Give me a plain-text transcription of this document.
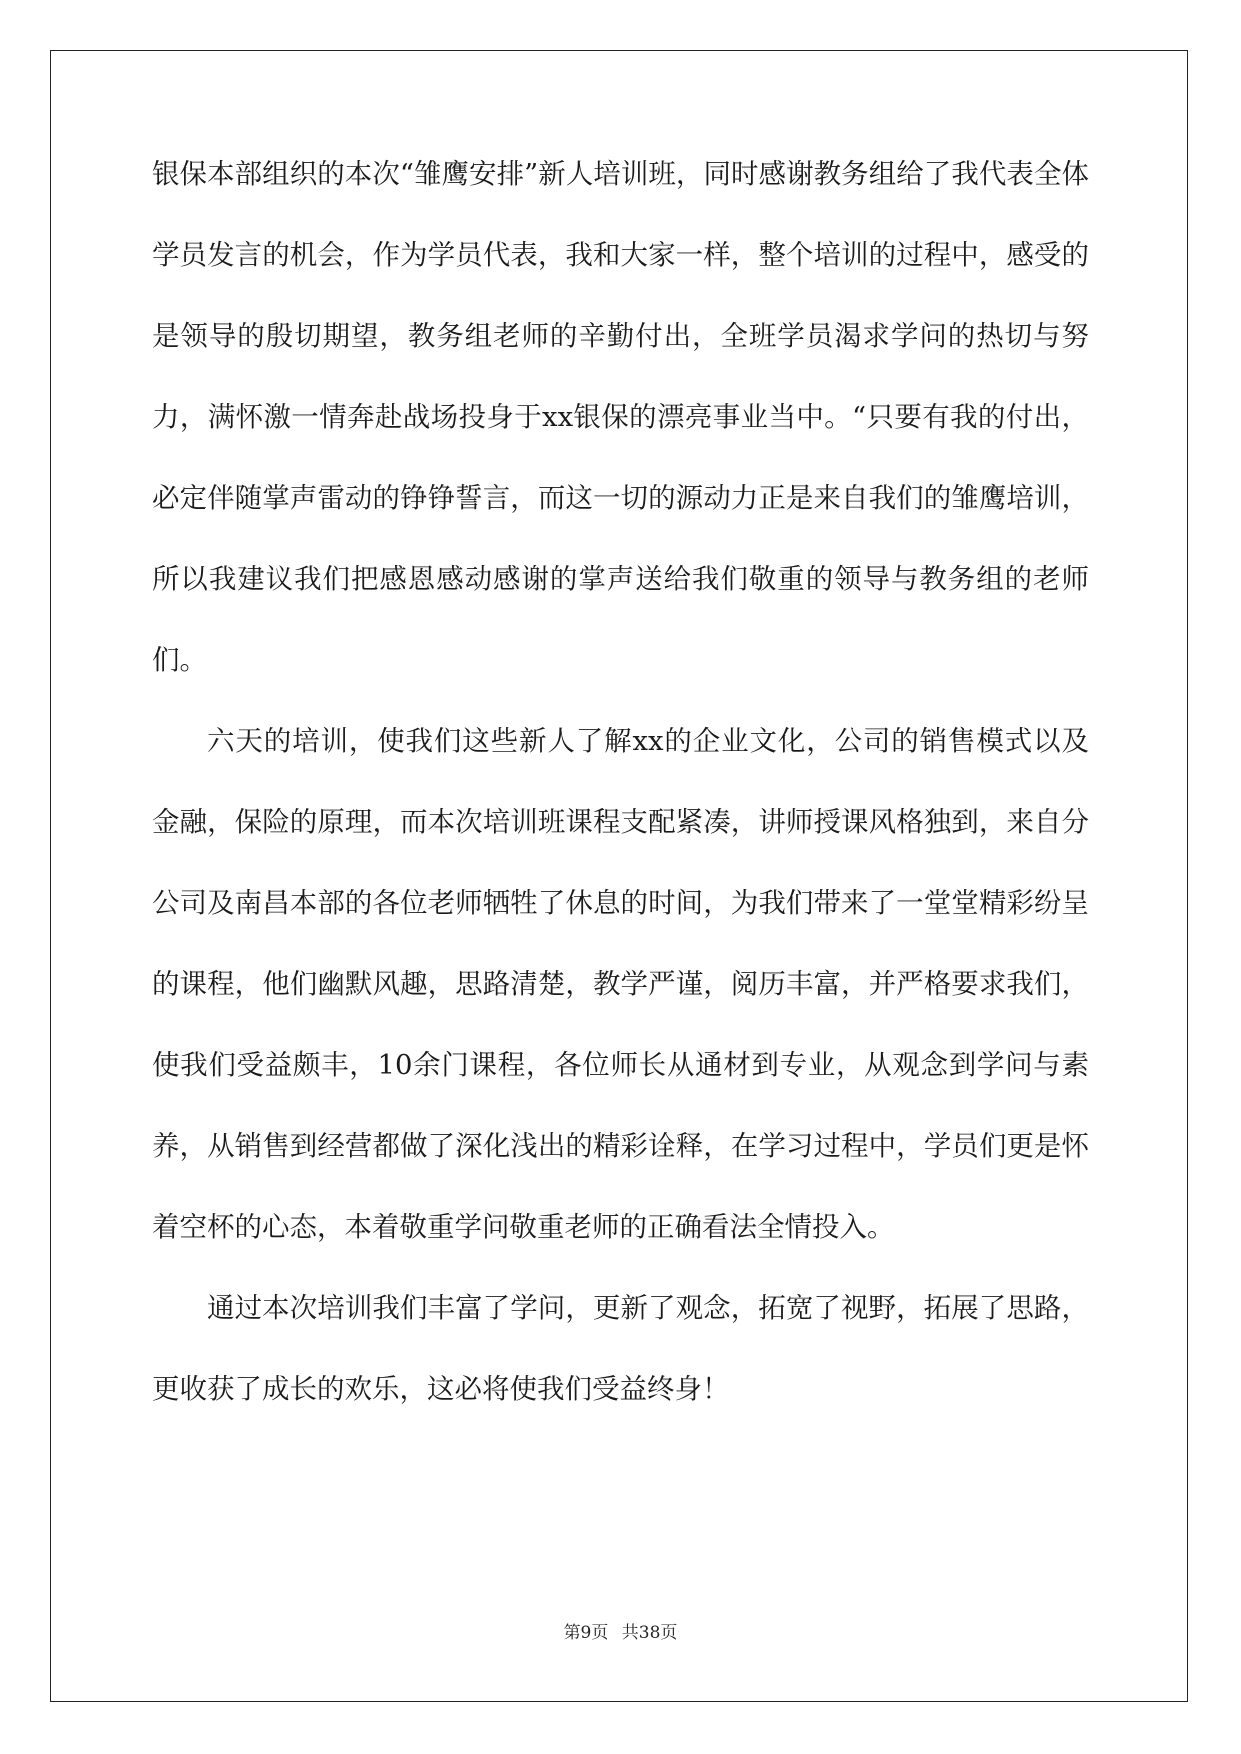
银保本部组织的本次“雏鹰安排”新人培训班，同时感谢教务组给了我代表全体学员发言的机会，作为学员代表，我和大家一样，整个培训的过程中，感受的是领导的殷切期望，教务组老师的辛勤付出，全班学员渴求学问的热切与努力，满怀激一情奔赴战场投身于xx银保的漂亮事业当中。“只要有我的付出，必定伴随掌声雷动的铮铮誓言，而这一切的源动力正是来自我们的雏鹰培训，所以我建议我们把感恩感动感谢的掌声送给我们敬重的领导与教务组的老师们。

六天的培训，使我们这些新人了解xx的企业文化，公司的销售模式以及金融，保险的原理，而本次培训班课程支配紧凑，讲师授课风格独到，来自分公司及南昌本部的各位老师牺牲了休息的时间，为我们带来了一堂堂精彩纷呈的课程，他们幽默风趣，思路清楚，教学严谨，阅历丰富，并严格要求我们，使我们受益颇丰，10余门课程，各位师长从通材到专业，从观念到学问与素养，从销售到经营都做了深化浅出的精彩诠释，在学习过程中，学员们更是怀着空杯的心态，本着敬重学问敬重老师的正确看法全情投入。

通过本次培训我们丰富了学问，更新了观念，拓宽了视野，拓展了思路，更收获了成长的欢乐，这必将使我们受益终身！

第9页 共38页
